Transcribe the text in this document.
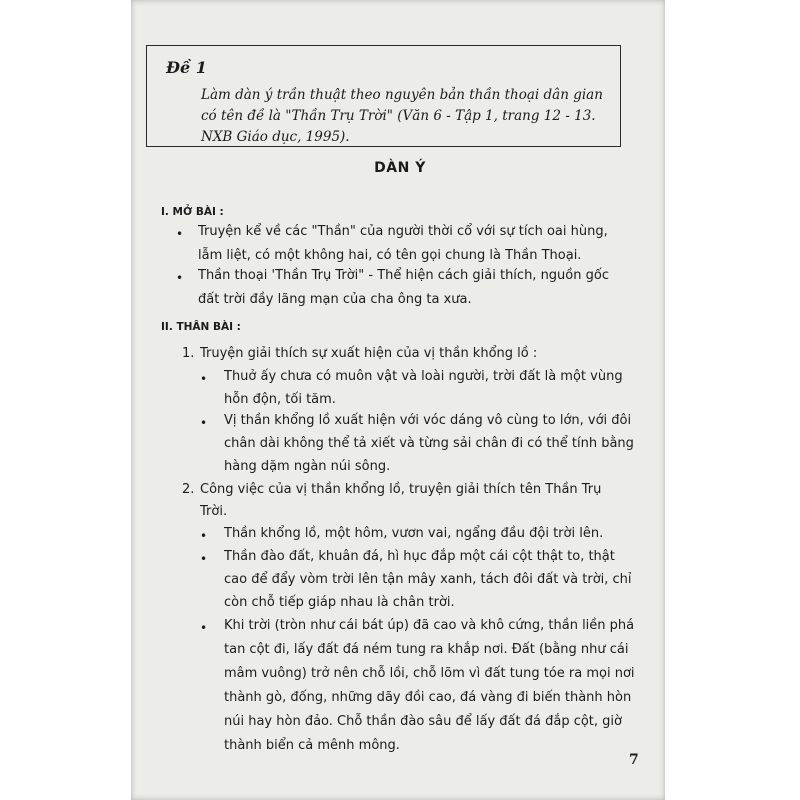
Đề 1
Làm dàn ý trần thuật theo nguyên bản thần thoại dân gian
có tên đề là "Thần Trụ Trời" (Văn 6 - Tập 1, trang 12 - 13.
NXB Giáo dục, 1995).
DÀN Ý
I. MỞ BÀI :
• Truyện kể về các "Thần" của người thời cổ với sự tích oai hùng,
lẫm liệt, có một không hai, có tên gọi chung là Thần Thoại.
• Thần thoại 'Thần Trụ Trời" - Thể hiện cách giải thích, nguồn gốc
đất trời đầy lãng mạn của cha ông ta xưa.
II. THÂN BÀI :
1. Truyện giải thích sự xuất hiện của vị thần khổng lồ :
• Thuở ấy chưa có muôn vật và loài người, trời đất là một vùng
hỗn độn, tối tăm.
• Vị thần khổng lồ xuất hiện với vóc dáng vô cùng to lớn, với đôi
chân dài không thể tả xiết và từng sải chân đi có thể tính bằng
hàng dặm ngàn núi sông.
2. Công việc của vị thần khổng lồ, truyện giải thích tên Thần Trụ
Trời.
• Thần khổng lồ, một hôm, vươn vai, ngẩng đầu đội trời lên.
• Thần đào đất, khuân đá, hì hục đắp một cái cột thật to, thật
cao để đẩy vòm trời lên tận mây xanh, tách đôi đất và trời, chỉ
còn chỗ tiếp giáp nhau là chân trời.
• Khi trời (tròn như cái bát úp) đã cao và khô cứng, thần liền phá
tan cột đi, lấy đất đá ném tung ra khắp nơi. Đất (bằng như cái
mâm vuông) trở nên chỗ lồi, chỗ lõm vì đất tung tóe ra mọi nơi
thành gò, đống, những dãy đồi cao, đá vàng đi biến thành hòn
núi hay hòn đảo. Chỗ thần đào sâu để lấy đất đá đắp cột, giờ
thành biển cả mênh mông.
7
